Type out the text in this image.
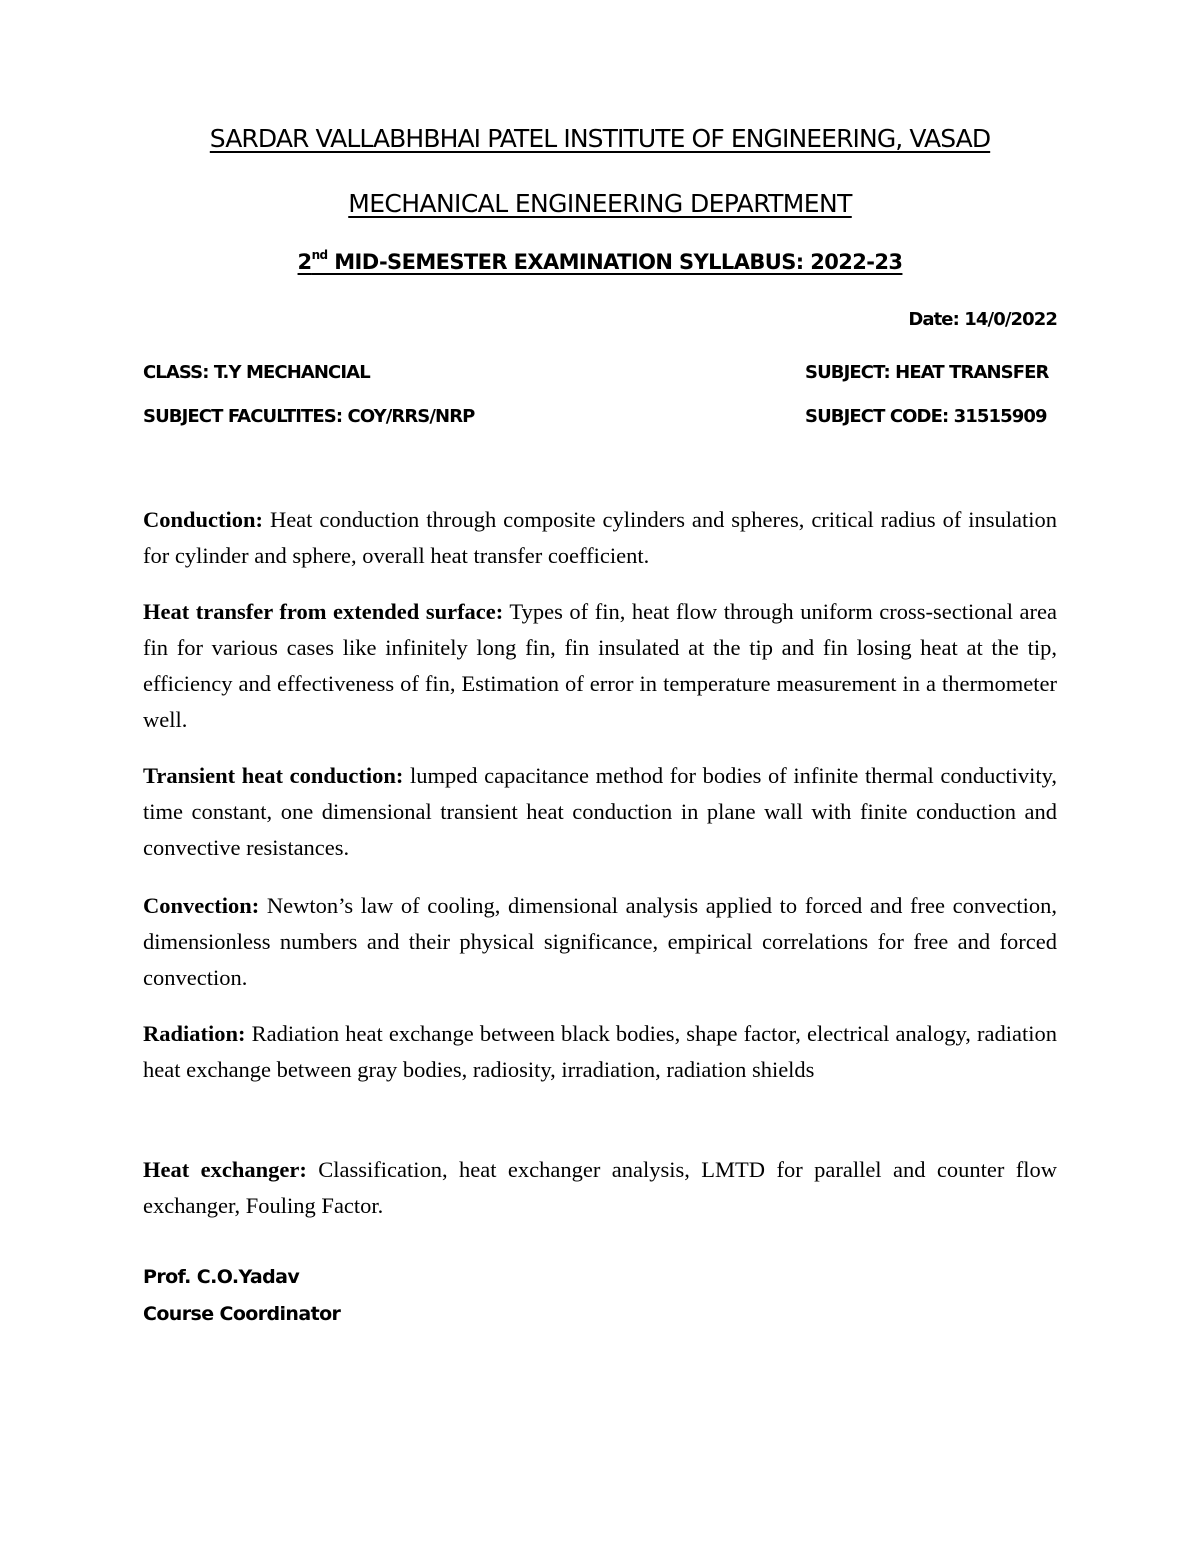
SARDAR VALLABHBHAI PATEL INSTITUTE OF ENGINEERING, VASAD
MECHANICAL ENGINEERING DEPARTMENT
2nd MID-SEMESTER EXAMINATION SYLLABUS: 2022-23
Date: 14/0/2022
CLASS: T.Y MECHANCIAL	SUBJECT: HEAT TRANSFER
SUBJECT FACULTITES: COY/RRS/NRP	SUBJECT CODE: 31515909
Conduction: Heat conduction through composite cylinders and spheres, critical radius of insulation for cylinder and sphere, overall heat transfer coefficient.
Heat transfer from extended surface: Types of fin, heat flow through uniform cross-sectional area fin for various cases like infinitely long fin, fin insulated at the tip and fin losing heat at the tip, efficiency and effectiveness of fin, Estimation of error in temperature measurement in a thermometer well.
Transient heat conduction: lumped capacitance method for bodies of infinite thermal conductivity, time constant, one dimensional transient heat conduction in plane wall with finite conduction and convective resistances.
Convection: Newton’s law of cooling, dimensional analysis applied to forced and free convection, dimensionless numbers and their physical significance, empirical correlations for free and forced convection.
Radiation: Radiation heat exchange between black bodies, shape factor, electrical analogy, radiation heat exchange between gray bodies, radiosity, irradiation, radiation shields
Heat exchanger: Classification, heat exchanger analysis, LMTD for parallel and counter flow exchanger, Fouling Factor.
Prof. C.O.Yadav
Course Coordinator
